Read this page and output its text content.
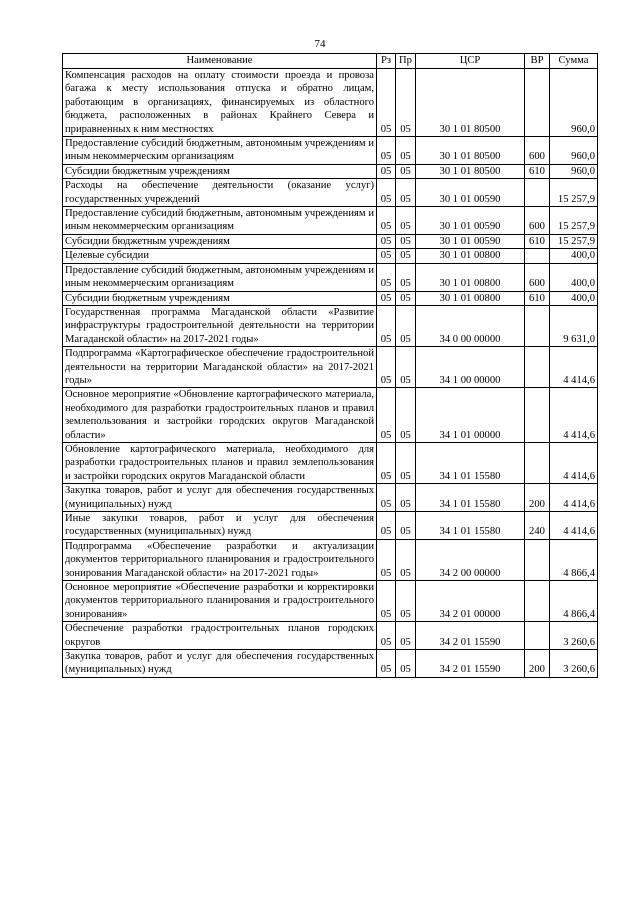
74
Наименование	Рз	Пр	ЦСР	ВР	Сумма
Компенсация расходов на оплату стоимости проезда и провоза багажа к месту использования отпуска и обратно лицам, работающим в организациях, финансируемых из областного бюджета, расположенных в районах Крайнего Севера и приравненных к ним местностях	05	05	30 1 01 80500		960,0
Предоставление субсидий бюджетным, автономным учреждениям и иным некоммерческим организациям	05	05	30 1 01 80500	600	960,0
Субсидии бюджетным учреждениям	05	05	30 1 01 80500	610	960,0
Расходы на обеспечение деятельности (оказание услуг) государственных учреждений	05	05	30 1 01 00590		15 257,9
Предоставление субсидий бюджетным, автономным учреждениям и иным некоммерческим организациям	05	05	30 1 01 00590	600	15 257,9
Субсидии бюджетным учреждениям	05	05	30 1 01 00590	610	15 257,9
Целевые субсидии	05	05	30 1 01 00800		400,0
Предоставление субсидий бюджетным, автономным учреждениям и иным некоммерческим организациям	05	05	30 1 01 00800	600	400,0
Субсидии бюджетным учреждениям	05	05	30 1 01 00800	610	400,0
Государственная программа Магаданской области «Развитие инфраструктуры градостроительной деятельности на территории Магаданской области» на 2017-2021 годы»	05	05	34 0 00 00000		9 631,0
Подпрограмма «Картографическое обеспечение градостроительной деятельности на территории Магаданской области» на 2017-2021 годы»	05	05	34 1 00 00000		4 414,6
Основное мероприятие «Обновление картографического материала, необходимого для разработки градостроительных планов и правил землепользования и застройки городских округов Магаданской области»	05	05	34 1 01 00000		4 414,6
Обновление картографического материала, необходимого для разработки градостроительных планов и правил землепользования и застройки городских округов Магаданской области	05	05	34 1 01 15580		4 414,6
Закупка товаров, работ и услуг для обеспечения государственных (муниципальных) нужд	05	05	34 1 01 15580	200	4 414,6
Иные закупки товаров, работ и услуг для обеспечения государственных (муниципальных) нужд	05	05	34 1 01 15580	240	4 414,6
Подпрограмма «Обеспечение разработки и актуализации документов территориального планирования и градостроительного зонирования Магаданской области» на 2017-2021 годы»	05	05	34 2 00 00000		4 866,4
Основное мероприятие «Обеспечение разработки и корректировки документов территориального планирования и градостроительного зонирования»	05	05	34 2 01 00000		4 866,4
Обеспечение разработки градостроительных планов городских округов	05	05	34 2 01 15590		3 260,6
Закупка товаров, работ и услуг для обеспечения государственных (муниципальных) нужд	05	05	34 2 01 15590	200	3 260,6
